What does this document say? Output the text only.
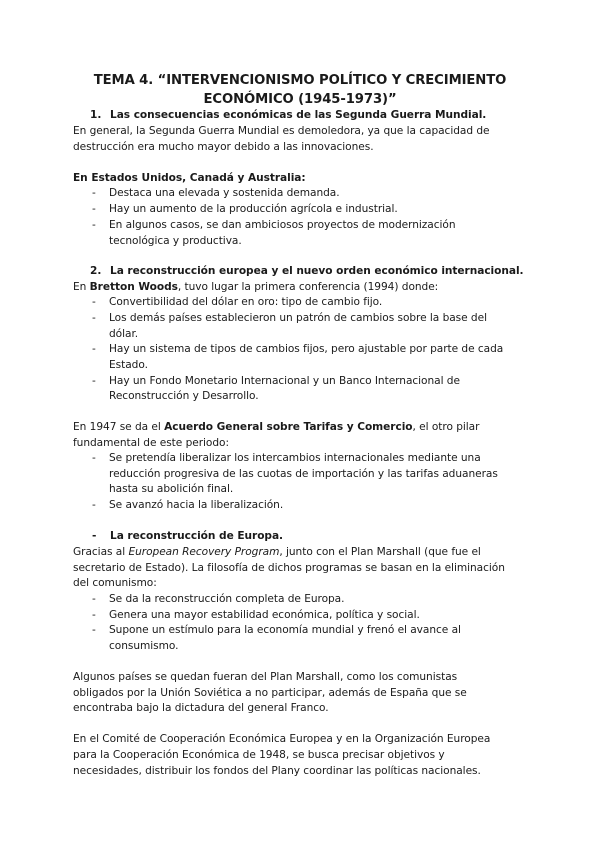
TEMA 4. “INTERVENCIONISMO POLÍTICO Y CRECIMIENTO
ECONÓMICO (1945-1973)”
1. Las consecuencias económicas de las Segunda Guerra Mundial.
En general, la Segunda Guerra Mundial es demoledora, ya que la capacidad de
destrucción era mucho mayor debido a las innovaciones.
En Estados Unidos, Canadá y Australia:
- Destaca una elevada y sostenida demanda.
- Hay un aumento de la producción agrícola e industrial.
- En algunos casos, se dan ambiciosos proyectos de modernización
tecnológica y productiva.
2. La reconstrucción europea y el nuevo orden económico internacional.
En Bretton Woods, tuvo lugar la primera conferencia (1994) donde:
- Convertibilidad del dólar en oro: tipo de cambio fijo.
- Los demás países establecieron un patrón de cambios sobre la base del
dólar.
- Hay un sistema de tipos de cambios fijos, pero ajustable por parte de cada
Estado.
- Hay un Fondo Monetario Internacional y un Banco Internacional de
Reconstrucción y Desarrollo.
En 1947 se da el Acuerdo General sobre Tarifas y Comercio, el otro pilar
fundamental de este periodo:
- Se pretendía liberalizar los intercambios internacionales mediante una
reducción progresiva de las cuotas de importación y las tarifas aduaneras
hasta su abolición final.
- Se avanzó hacia la liberalización.
- La reconstrucción de Europa.
Gracias al European Recovery Program, junto con el Plan Marshall (que fue el
secretario de Estado). La filosofía de dichos programas se basan en la eliminación
del comunismo:
- Se da la reconstrucción completa de Europa.
- Genera una mayor estabilidad económica, política y social.
- Supone un estímulo para la economía mundial y frenó el avance al
consumismo.
Algunos países se quedan fueran del Plan Marshall, como los comunistas
obligados por la Unión Soviética a no participar, además de España que se
encontraba bajo la dictadura del general Franco.
En el Comité de Cooperación Económica Europea y en la Organización Europea
para la Cooperación Económica de 1948, se busca precisar objetivos y
necesidades, distribuir los fondos del Plany coordinar las políticas nacionales.
